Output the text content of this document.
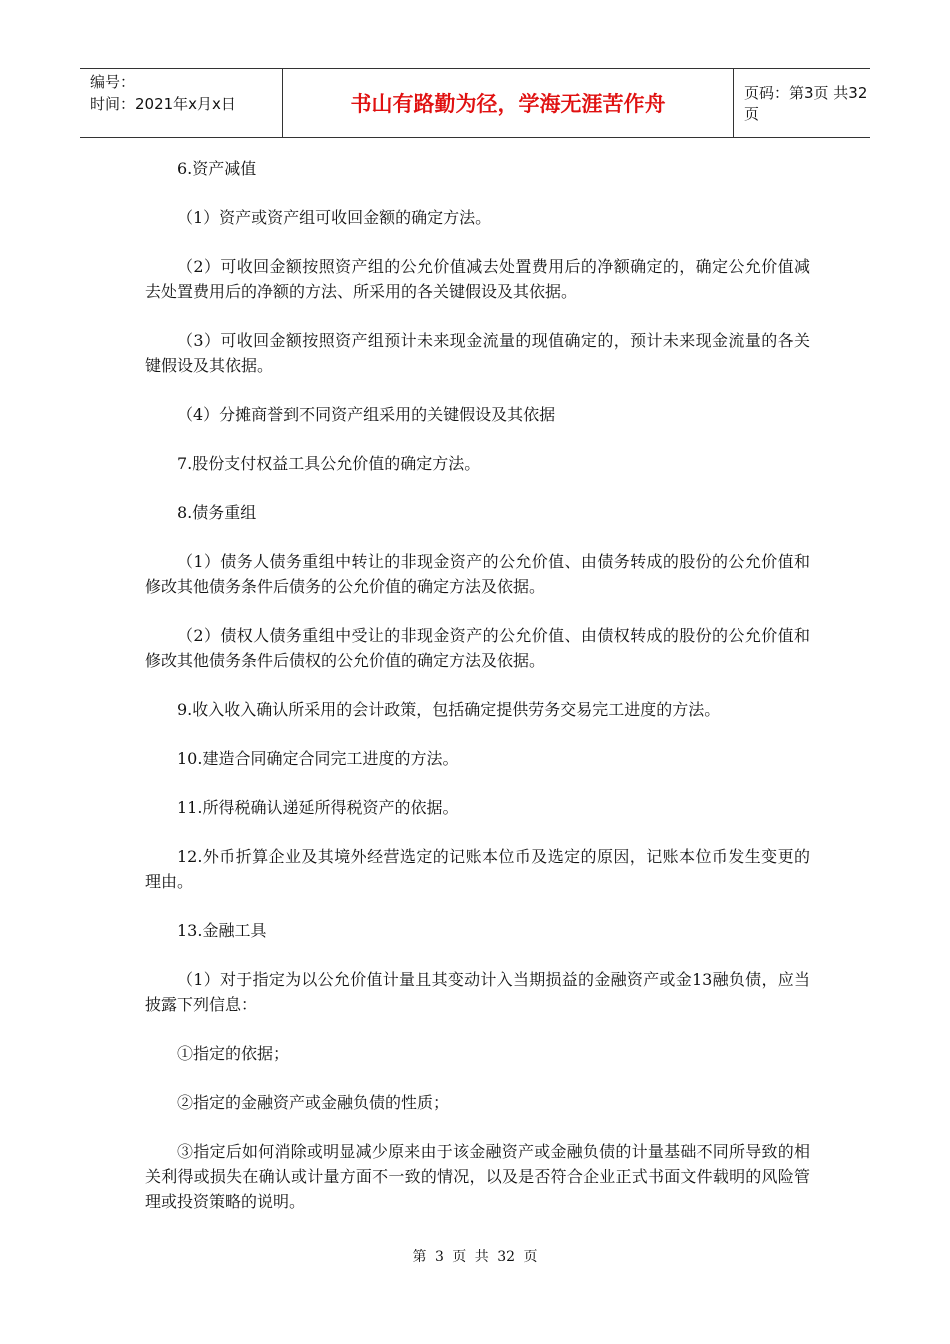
编号：
时间：2021年x月x日	书山有路勤为径，学海无涯苦作舟	页码：第3页 共32页

6.资产减值

（1）资产或资产组可收回金额的确定方法。

（2）可收回金额按照资产组的公允价值减去处置费用后的净额确定的，确定公允价值减去处置费用后的净额的方法、所采用的各关键假设及其依据。

（3）可收回金额按照资产组预计未来现金流量的现值确定的，预计未来现金流量的各关键假设及其依据。

（4）分摊商誉到不同资产组采用的关键假设及其依据

7.股份支付权益工具公允价值的确定方法。

8.债务重组

（1）债务人债务重组中转让的非现金资产的公允价值、由债务转成的股份的公允价值和修改其他债务条件后债务的公允价值的确定方法及依据。

（2）债权人债务重组中受让的非现金资产的公允价值、由债权转成的股份的公允价值和修改其他债务条件后债权的公允价值的确定方法及依据。

9.收入收入确认所采用的会计政策，包括确定提供劳务交易完工进度的方法。

10.建造合同确定合同完工进度的方法。

11.所得税确认递延所得税资产的依据。

12.外币折算企业及其境外经营选定的记账本位币及选定的原因，记账本位币发生变更的理由。

13.金融工具

（1）对于指定为以公允价值计量且其变动计入当期损益的金融资产或金13融负债，应当披露下列信息：

①指定的依据；

②指定的金融资产或金融负债的性质；

③指定后如何消除或明显减少原来由于该金融资产或金融负债的计量基础不同所导致的相关利得或损失在确认或计量方面不一致的情况，以及是否符合企业正式书面文件载明的风险管理或投资策略的说明。

第 3 页 共 32 页
